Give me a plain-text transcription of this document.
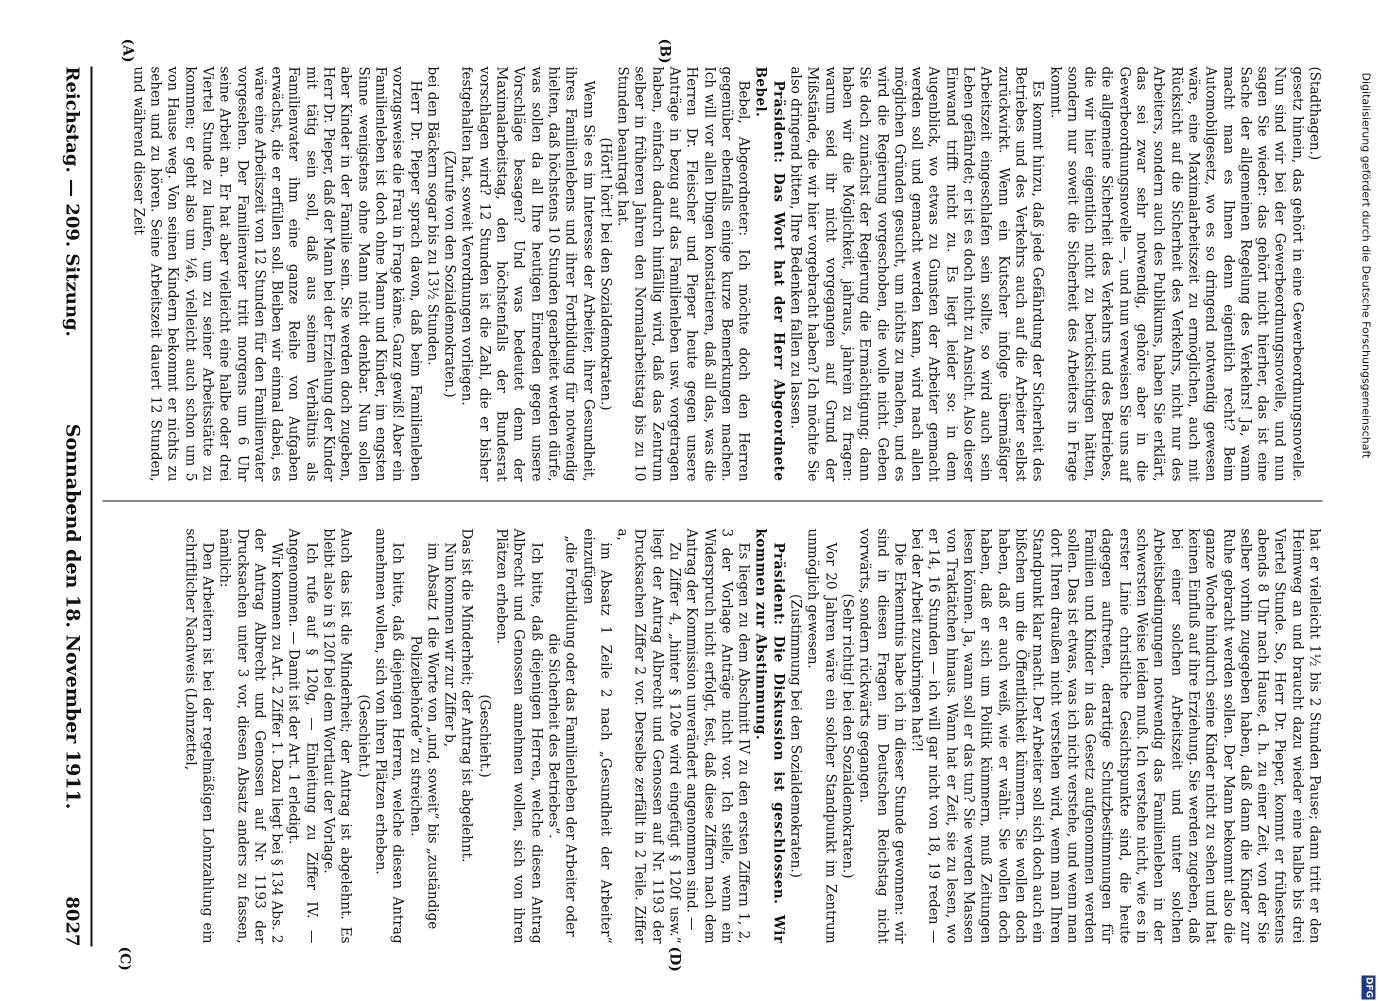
Digitalisierung gefördert durch die Deutsche Forschungsgemeinschaft
DFG
Reichstag. — 209. Sitzung.
Sonnabend den 18. November 1911.
8027
(A)	(B)
(C)	(D)

(Stadthagen.)

gesetz hinein, das gehört in eine Gewerbeordnungsnovelle. Nun sind wir bei der Gewerbeordnungsnovelle, und nun sagen Sie wieder: das gehört nicht hierher, das ist eine Sache der allgemeinen Regelung des Verkehrs! Ja, wann macht man es Ihnen denn eigentlich recht? Beim Automobilgesetz, wo es so dringend notwendig gewesen wäre, eine Maximalarbeitszeit zu ermöglichen, auch mit Rücksicht auf die Sicherheit des Verkehrs, nicht nur des Arbeiters, sondern auch des Publikums, haben Sie erklärt, das sei zwar sehr notwendig, gehöre aber in die Gewerbeordnungsnovelle —, und nun verweisen Sie uns auf die allgemeine Sicherheit des Verkehrs und des Betriebes, die wir hier eigentlich nicht zu berücksichtigen hätten, sondern nur soweit die Sicherheit des Arbeiters in Frage kommt.

Es kommt hinzu, daß jede Gefährdung der Sicherheit des Betriebes und des Verkehrs auch auf die Arbeiter selbst zurückwirkt. Wenn ein Kutscher infolge übermäßiger Arbeitszeit eingeschlafen sein sollte, so wird auch sein Leben gefährdet; er ist es doch nicht zu Ansicht. Also dieser Einwand trifft nicht zu. Es liegt leider so: in dem Augenblick, wo etwas zu Gunsten der Arbeiter gemacht werden soll und gemacht werden kann, wird nach allen möglichen Gründen gesucht, um nichts zu machen, und es wird die Regierung vorgeschoben, die wolle nicht. Geben Sie doch zunächst der Regierung die Ermächtigung; dann haben wir die Möglichkeit, jahraus, jahrein zu fragen: warum seid ihr nicht vorgegangen auf Grund der Mißstände, die wir hier vorgebracht haben? Ich möchte Sie also dringend bitten, Ihre Bedenken fallen zu lassen.

Präsident: Das Wort hat der Herr Abgeordnete Bebel.

Bebel, Abgeordneter: Ich möchte doch den Herren gegenüber ebenfalls einige kurze Bemerkungen machen. Ich will vor allen Dingen konstatieren, daß all das, was die Herren Dr. Fleischer und Pieper heute gegen unsere Anträge in bezug auf das Familienleben usw. vorgetragen haben, einfach dadurch hinfällig wird, daß das Zentrum selber in früheren Jahren den Normalarbeitstag bis zu 10 Stunden beantragt hat.

(Hört! hört! bei den Sozialdemokraten.)

Wenn Sie es im Interesse der Arbeiter, ihrer Gesundheit, ihres Familienlebens und ihrer Fortbildung für notwendig hielten, daß höchstens 10 Stunden gearbeitet werden dürfe, was sollen da all Ihre heutigen Einreden gegen unsere Vorschläge besagen? Und was bedeutet denn der Maximalarbeitstag, den höchstenfalls der Bundesrat vorschlagen wird? 12 Stunden ist die Zahl, die er bisher festgehalten hat, soweit Verordnungen vorliegen.

(Zurufe von den Sozialdemokraten.)

bei den Bäckern sogar bis zu 13½ Stunden.

Herr Dr. Pieper sprach davon, daß beim Familienleben vorzugsweise die Frau in Frage käme. Ganz gewiß! Aber ein Familienleben ist doch ohne Mann und Kinder, im engsten Sinne wenigstens ohne Mann nicht denkbar. Nun sollen aber Kinder in der Familie sein. Sie werden doch zugeben, Herr Dr. Pieper, daß der Mann bei der Erziehung der Kinder mit tätig sein soll, daß aus seinem Verhältnis als Familienvater ihm eine ganze Reihe von Aufgaben erwächst, die er erfüllen soll. Bleiben wir einmal dabei, es wäre eine Arbeitszeit von 12 Stunden für den Familienvater vorgesehen. Der Familienvater tritt morgens um 6 Uhr seine Arbeit an. Er hat aber vielleicht eine halbe oder drei Viertel Stunde zu laufen, um zu seiner Arbeitsstätte zu kommen; er geht also um ¼6, vielleicht auch schon um 5 von Hause weg. Von seinen Kindern bekommt er nichts zu sehen und zu hören. Seine Arbeitszeit dauert 12 Stunden, und während dieser Zeit

hat er vielleicht 1½ bis 2 Stunden Pause; dann tritt er den Heimweg an und braucht dazu wieder eine halbe bis drei Viertel Stunde. So, Herr Dr. Pieper, kommt er frühestens abends 8 Uhr nach Hause, d. h. zu einer Zeit, von der Sie selber vorhin zugegeben haben, daß dann die Kinder zur Ruhe gebracht werden sollen. Der Mann bekommt also die ganze Woche hindurch seine Kinder nicht zu sehen und hat keinen Einfluß auf ihre Erziehung. Sie werden zugeben, daß bei einer solchen Arbeitszeit und unter solchen Arbeitsbedingungen notwendig das Familienleben in der schwersten Weise leiden muß. Ich verstehe nicht, wie es in erster Linie christliche Gesichtspunkte sind, die heute dagegen auftreten, derartige Schutzbestimmungen für Familien und Kinder in das Gesetz aufgenommen werden sollen. Das ist etwas, was ich nicht verstehe, und wenn man dort Ihren draußen nicht verstehen wird, wenn man Ihren Standpunkt klar macht. Der Arbeiter soll sich doch auch ein bißchen um die Öffentlichkeit kümmern. Sie wollen doch haben, daß er auch weiß, wie er wählt. Sie wollen doch haben, daß er sich um Politik kümmern, muß Zeitungen lesen können. Ja, wann soll er das tun? Sie werden Massen von Traktätchen hinaus. Wann hat er Zeit, sie zu lesen, wo er 14, 16 Stunden — ich will gar nicht von 18, 19 reden — bei der Arbeit zuzubringen hat?!

Die Erkenntnis habe ich in dieser Stunde gewonnen: wir sind in diesen Fragen im Deutschen Reichstag nicht vorwärts, sondern rückwärts gegangen.

(Sehr richtig! bei den Sozialdemokraten.)

Vor 20 Jahren wäre ein solcher Standpunkt im Zentrum unmöglich gewesen.

(Zustimmung bei den Sozialdemokraten.)

Präsident: Die Diskussion ist geschlossen. Wir kommen zur Abstimmung.

Es liegen zu dem Abschnitt IV zu den ersten Ziffern 1, 2, 3 der Vorlage Anträge nicht vor. Ich stelle, wenn ein Widerspruch nicht erfolgt, fest, daß diese Ziffern nach dem Antrag der Kommission unverändert angenommen sind. —

Zu Ziffer 4, „hinter § 120e wird eingefügt § 120f usw.“ liegt der Antrag Albrecht und Genossen auf Nr. 1193 der Drucksachen Ziffer 2 vor. Derselbe zerfällt in 2 Teile. Ziffer a,

im Absatz 1 Zeile 2 nach „Gesundheit der Arbeiter“ einzufügen

„die Fortbildung oder das Familienleben der Arbeiter oder die Sicherheit des Betriebes“.

Ich bitte, daß diejenigen Herren, welche diesen Antrag Albrecht und Genossen annehmen wollen, sich von ihren Plätzen erheben.

(Geschieht.)

Das ist die Minderheit; der Antrag ist abgelehnt.

Nun kommen wir zur Ziffer b,

im Absatz 1 die Worte von „und, soweit“ bis „zuständige Polizeibehörde“ zu streichen.

Ich bitte, daß diejenigen Herren, welche diesen Antrag annehmen wollen, sich von ihren Plätzen erheben.

(Geschieht.)

Auch das ist die Minderheit; der Antrag ist abgelehnt. Es bleibt also in § 120f bei dem Wortlaut der Vorlage.

Ich rufe auf § 120g, — Einleitung zu Ziffer IV. — Angenommen. — Damit ist der Art. 1 erledigt.

Wir kommen zu Art. 2 Ziffer 1. Dazu liegt bei § 134 Abs. 2 der Antrag Albrecht und Genossen auf Nr. 1193 der Drucksachen unter 3 vor, diesen Absatz anders zu fassen, nämlich:

Den Arbeitern ist bei der regelmäßigen Lohnzahlung ein schriftlicher Nachweis (Lohnzettel,
